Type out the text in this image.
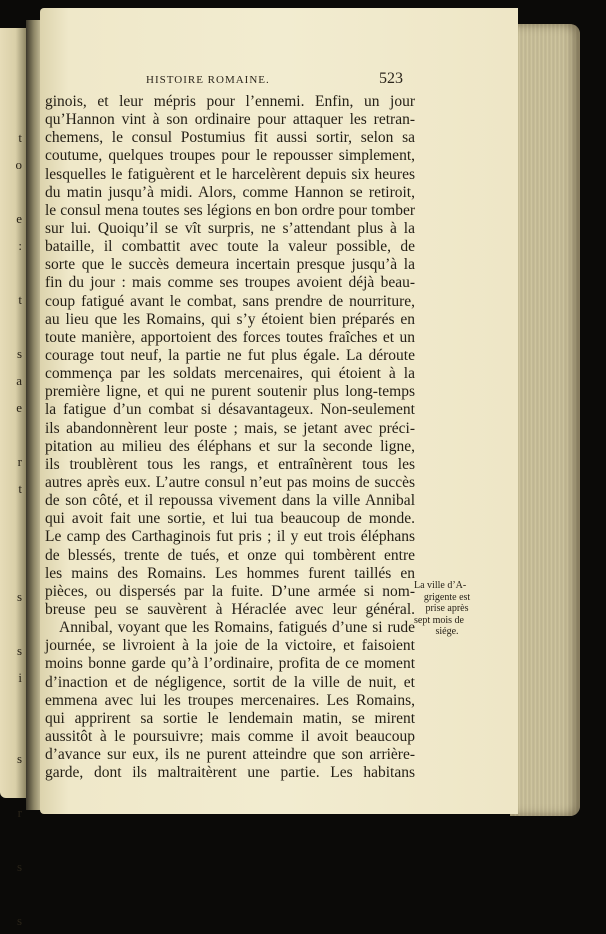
t
o
e
:
t
s
a
e
r
t
s
s
i
s
r
s
s
HISTOIRE ROMAINE.	523
ginois, et leur mépris pour l’ennemi. Enfin, un jour
qu’Hannon vint à son ordinaire pour attaquer les retran-
chemens, le consul Postumius fit aussi sortir, selon sa
coutume, quelques troupes pour le repousser simplement,
lesquelles le fatiguèrent et le harcelèrent depuis six heures
du matin jusqu’à midi. Alors, comme Hannon se retiroit,
le consul mena toutes ses légions en bon ordre pour tomber
sur lui. Quoiqu’il se vît surpris, ne s’attendant plus à la
bataille, il combattit avec toute la valeur possible, de
sorte que le succès demeura incertain presque jusqu’à la
fin du jour : mais comme ses troupes avoient déjà beau-
coup fatigué avant le combat, sans prendre de nourriture,
au lieu que les Romains, qui s’y étoient bien préparés en
toute manière, apportoient des forces toutes fraîches et un
courage tout neuf, la partie ne fut plus égale. La déroute
commença par les soldats mercenaires, qui étoient à la
première ligne, et qui ne purent soutenir plus long-temps
la fatigue d’un combat si désavantageux. Non-seulement
ils abandonnèrent leur poste ; mais, se jetant avec préci-
pitation au milieu des éléphans et sur la seconde ligne,
ils troublèrent tous les rangs, et entraînèrent tous les
autres après eux. L’autre consul n’eut pas moins de succès
de son côté, et il repoussa vivement dans la ville Annibal
qui avoit fait une sortie, et lui tua beaucoup de monde.
Le camp des Carthaginois fut pris ; il y eut trois éléphans
de blessés, trente de tués, et onze qui tombèrent entre
les mains des Romains. Les hommes furent taillés en
pièces, ou dispersés par la fuite. D’une armée si nom-
breuse peu se sauvèrent à Héraclée avec leur général.
Annibal, voyant que les Romains, fatigués d’une si rude
journée, se livroient à la joie de la victoire, et faisoient
moins bonne garde qu’à l’ordinaire, profita de ce moment
d’inaction et de négligence, sortit de la ville de nuit, et
emmena avec lui les troupes mercenaires. Les Romains,
qui apprirent sa sortie le lendemain matin, se mirent
aussitôt à le poursuivre; mais comme il avoit beaucoup
d’avance sur eux, ils ne purent atteindre que son arrière-
garde, dont ils maltraitèrent une partie. Les habitans
La ville d’A-
grigente est
prise après
sept mois de
siége.
